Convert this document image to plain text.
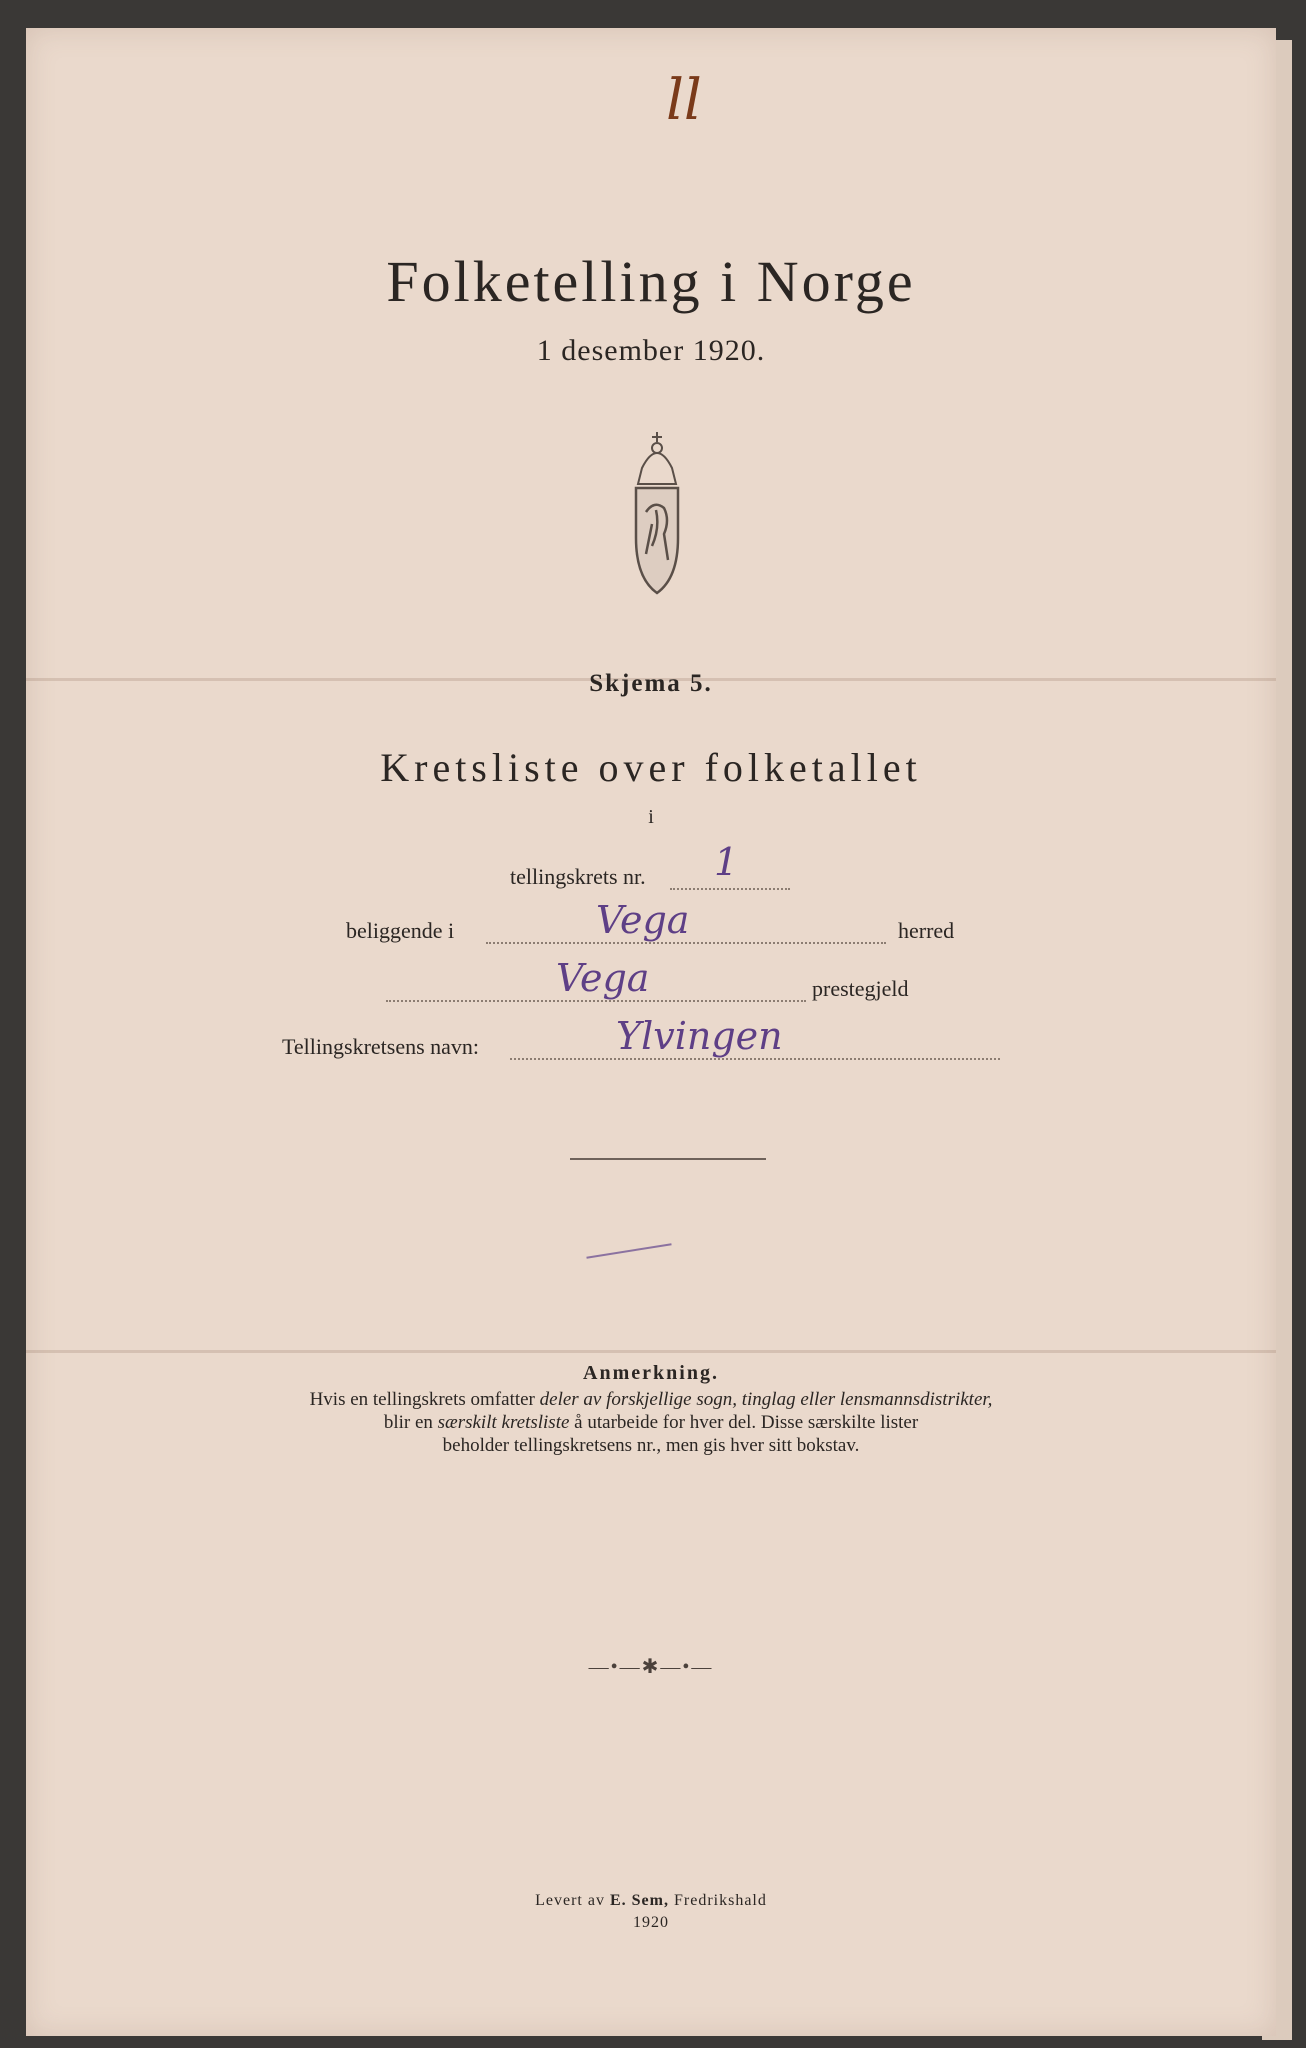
ll
Folketelling i Norge
1 desember 1920.
Skjema 5.
Kretsliste over folketallet
i
tellingskrets nr. 1
beliggende i	Vega	herred
Vega	prestegjeld
Tellingskretsens navn:	Ylvingen
Anmerkning.
Hvis en tellingskrets omfatter deler av forskjellige sogn, tinglag eller lensmannsdistrikter,
blir en særskilt kretsliste å utarbeide for hver del. Disse særskilte lister
beholder tellingskretsens nr., men gis hver sitt bokstav.
—•—✱—•—
Levert av E. Sem, Fredrikshald
1920
